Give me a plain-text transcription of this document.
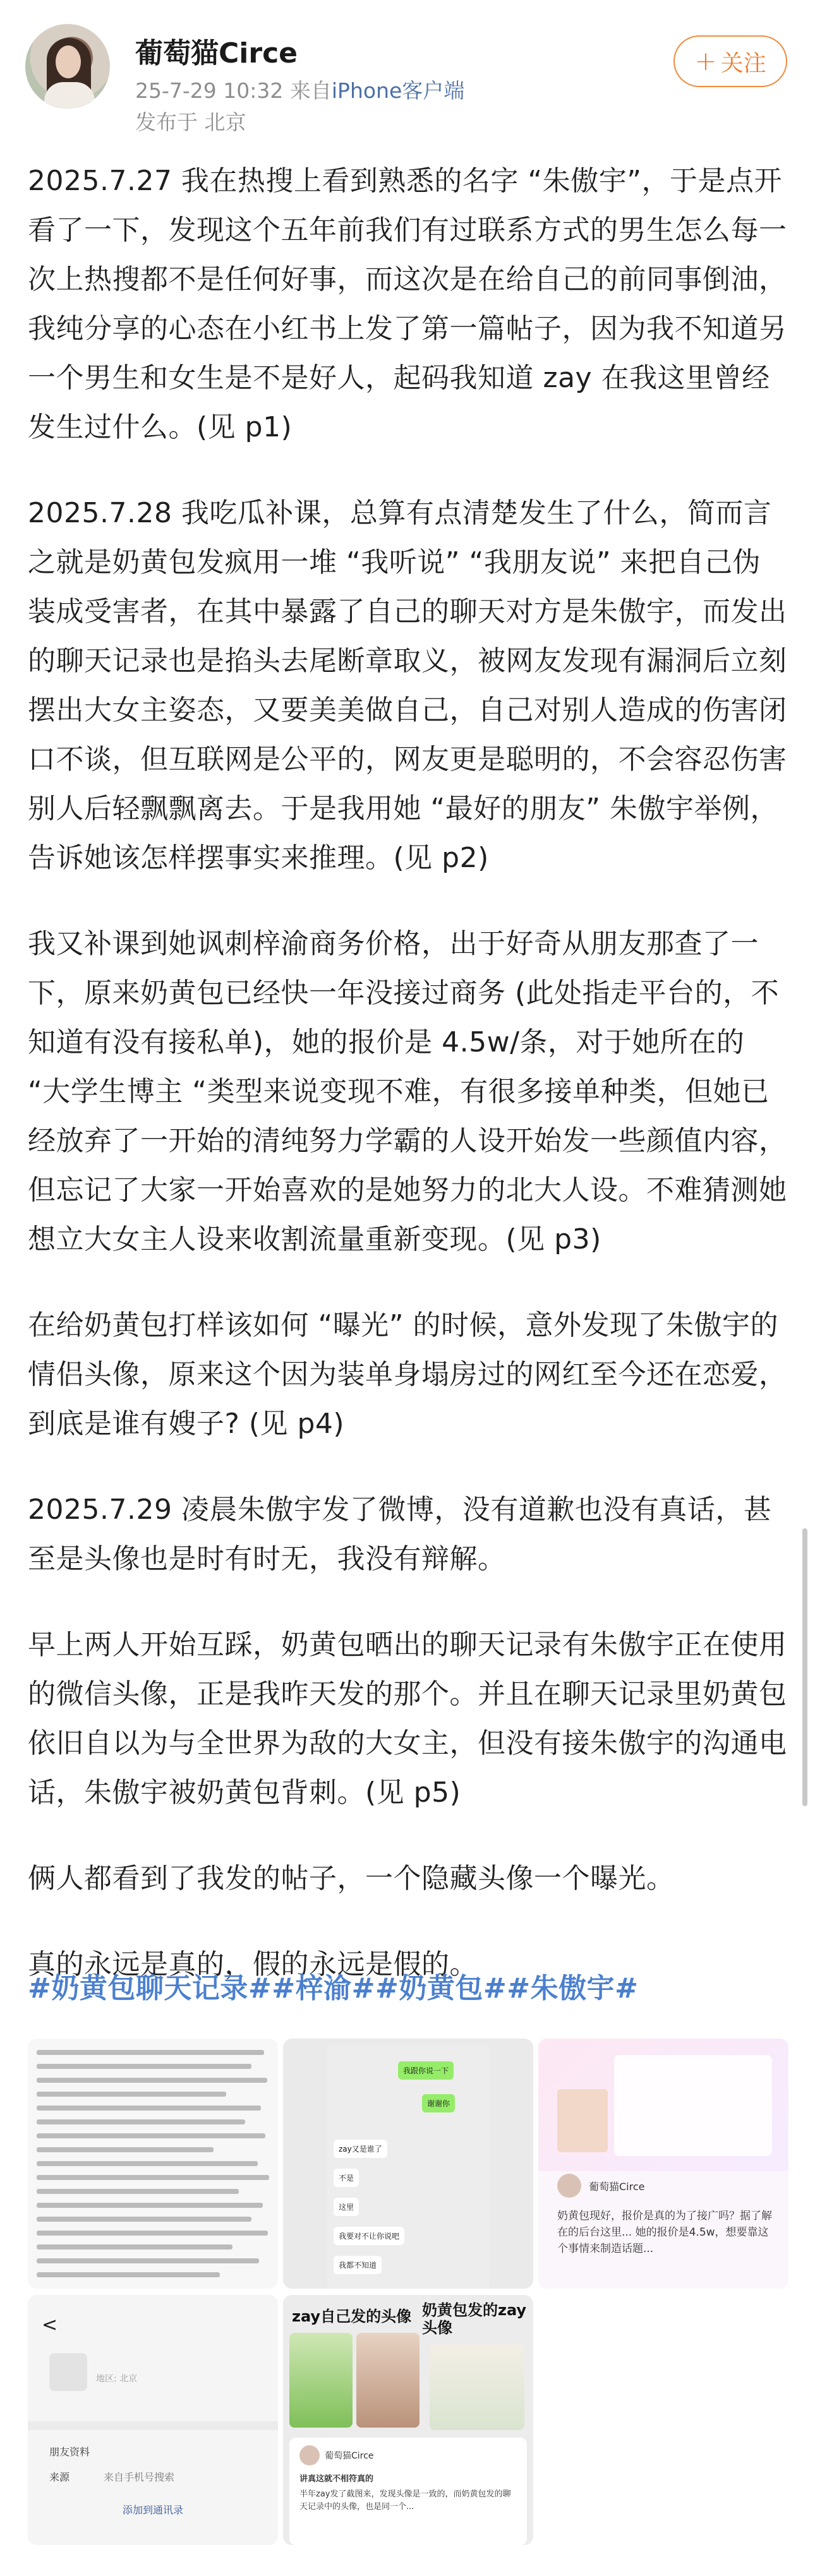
葡萄猫Circe
25-7-29 10:32 来自iPhone客户端
发布于 北京
+ 关注

2025.7.27 我在热搜上看到熟悉的名字 “朱傲宇”，于是点开看了一下，发现这个五年前我们有过联系方式的男生怎么每一次上热搜都不是任何好事，而这次是在给自己的前同事倒油，我纯分享的心态在小红书上发了第一篇帖子，因为我不知道另一个男生和女生是不是好人，起码我知道 zay 在我这里曾经发生过什么。(见 p1)

2025.7.28 我吃瓜补课，总算有点清楚发生了什么，简而言之就是奶黄包发疯用一堆 “我听说” “我朋友说” 来把自己伪装成受害者，在其中暴露了自己的聊天对方是朱傲宇，而发出的聊天记录也是掐头去尾断章取义，被网友发现有漏洞后立刻摆出大女主姿态，又要美美做自己，自己对别人造成的伤害闭口不谈，但互联网是公平的，网友更是聪明的，不会容忍伤害别人后轻飘飘离去。于是我用她 “最好的朋友” 朱傲宇举例，告诉她该怎样摆事实来推理。(见 p2)

我又补课到她讽刺梓渝商务价格，出于好奇从朋友那查了一下，原来奶黄包已经快一年没接过商务 (此处指走平台的，不知道有没有接私单)，她的报价是 4.5w/条，对于她所在的 “大学生博主 “类型来说变现不难，有很多接单种类，但她已经放弃了一开始的清纯努力学霸的人设开始发一些颜值内容，但忘记了大家一开始喜欢的是她努力的北大人设。不难猜测她想立大女主人设来收割流量重新变现。(见 p3)

在给奶黄包打样该如何 “曝光” 的时候，意外发现了朱傲宇的情侣头像，原来这个因为装单身塌房过的网红至今还在恋爱，到底是谁有嫂子? (见 p4)

2025.7.29 凌晨朱傲宇发了微博，没有道歉也没有真话，甚至是头像也是时有时无，我没有辩解。

早上两人开始互踩，奶黄包晒出的聊天记录有朱傲宇正在使用的微信头像，正是我昨天发的那个。并且在聊天记录里奶黄包依旧自以为与全世界为敌的大女主，但没有接朱傲宇的沟通电话，朱傲宇被奶黄包背刺。(见 p5)

俩人都看到了我发的帖子，一个隐藏头像一个曝光。

真的永远是真的，假的永远是假的。

#奶黄包聊天记录##梓渝##奶黄包##朱傲宇#
我跟你说一下
谢谢你
zay又是谁了
不是
这里
我要对不让你说吧
我都不知道
葡萄猫Circe
奶黄包现好，报价是真的为了接广吗？据了解在的后台这里... 她的报价是4.5w，想要靠这个事情来制造话题...
<
地区: 北京
朋友资料
来源	来自手机号搜索
添加到通讯录
zay自己发的头像 奶黄包发的zay头像
葡萄猫Circe
讲真这就不相符真的
半年zay发了截图来，发现头像是一致的，而奶黄包发的聊天记录中的头像，也是同一个...
